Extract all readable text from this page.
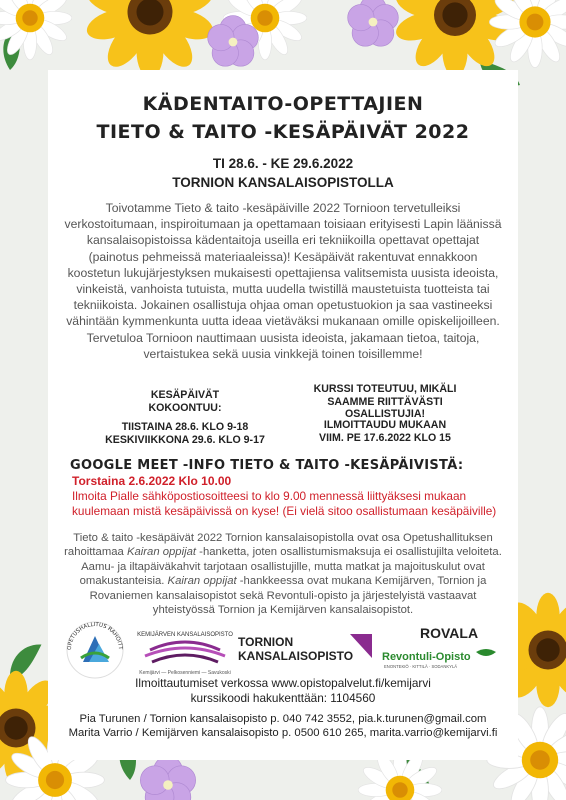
KÄDENTAITO-OPETTAJIEN
TIETO & TAITO -KESÄPÄIVÄT 2022
TI 28.6. - KE 29.6.2022
TORNION KANSALAISOPISTOLLA

Toivotamme Tieto & taito -kesäpäiville 2022 Tornioon tervetulleiksi verkostoitumaan, inspiroitumaan ja opettamaan toisiaan erityisesti Lapin läänissä kansalaisopistoissa kädentaitoja useilla eri tekniikoilla opettavat opettajat (painotus pehmeissä materiaaleissa)! Kesäpäivät rakentuvat ennakkoon koostetun lukujärjestyksen mukaisesti opettajiensa valitsemista uusista ideoista, vinkeistä, vanhoista tutuista, mutta uudella twistillä maustetuista tuotteista tai tekniikoista. Jokainen osallistuja ohjaa oman opetustuokion ja saa vastineeksi vähintään kymmenkunta uutta ideaa vietäväksi mukanaan omille opiskelijoilleen. Tervetuloa Tornioon nauttimaan uusista ideoista, jakamaan tietoa, taitoja, vertaistukea sekä uusia vinkkejä toinen toisillemme!

KESÄPÄIVÄT
KOKOONTUU:
TIISTAINA 28.6. KLO 9-18
KESKIVIIKKONA 29.6. KLO 9-17
KURSSI TOTEUTUU, MIKÄLI
SAAMME RIITTÄVÄSTI
OSALLISTUJIA!
ILMOITTAUDU MUKAAN
VIIM. PE 17.6.2022 KLO 15
GOOGLE MEET -INFO TIETO & TAITO -KESÄPÄIVISTÄ:
Torstaina 2.6.2022 Klo 10.00
Ilmoita Pialle sähköpostiosoitteesi to klo 9.00 mennessä liittyäksesi mukaan kuulemaan mistä kesäpäivissä on kyse! (Ei vielä sitoo osallistumaan kesäpäiville)

Tieto & taito -kesäpäivät 2022 Tornion kansalaisopistolla ovat osa Opetushallituksen rahoittamaa Kairan oppijat -hanketta, joten osallistumismaksuja ei osallistujilta veloiteta. Aamu- ja iltapäiväkahvit tarjotaan osallistujille, mutta matkat ja majoituskulut ovat omakustanteisia. Kairan oppijat -hankkeessa ovat mukana Kemijärven, Tornion ja Rovaniemen kansalaisopistot sekä Revontuli-opisto ja järjestelyistä vastaavat yhteistyössä Tornion ja Kemijärven kansalaisopistot.

OPETUSHALLITUS RAHOITT
KEMIJÄRVEN KANSALAISOPISTO
Kemijärvi — Pelkosenniemi — Savukoski
TORNION
KANSALAISOPISTO
ROVALA
Revontuli-Opisto
ENONTEKIÖ · KITTILÄ · SODANKYLÄ
Ilmoittautumiset verkossa www.opistopalvelut.fi/kemijarvi
kurssikoodi hakukenttään: 1104560
Pia Turunen / Tornion kansalaisopisto p. 040 742 3552, pia.k.turunen@gmail.com
Marita Varrio / Kemijärven kansalaisopisto p. 0500 610 265, marita.varrio@kemijarvi.fi
